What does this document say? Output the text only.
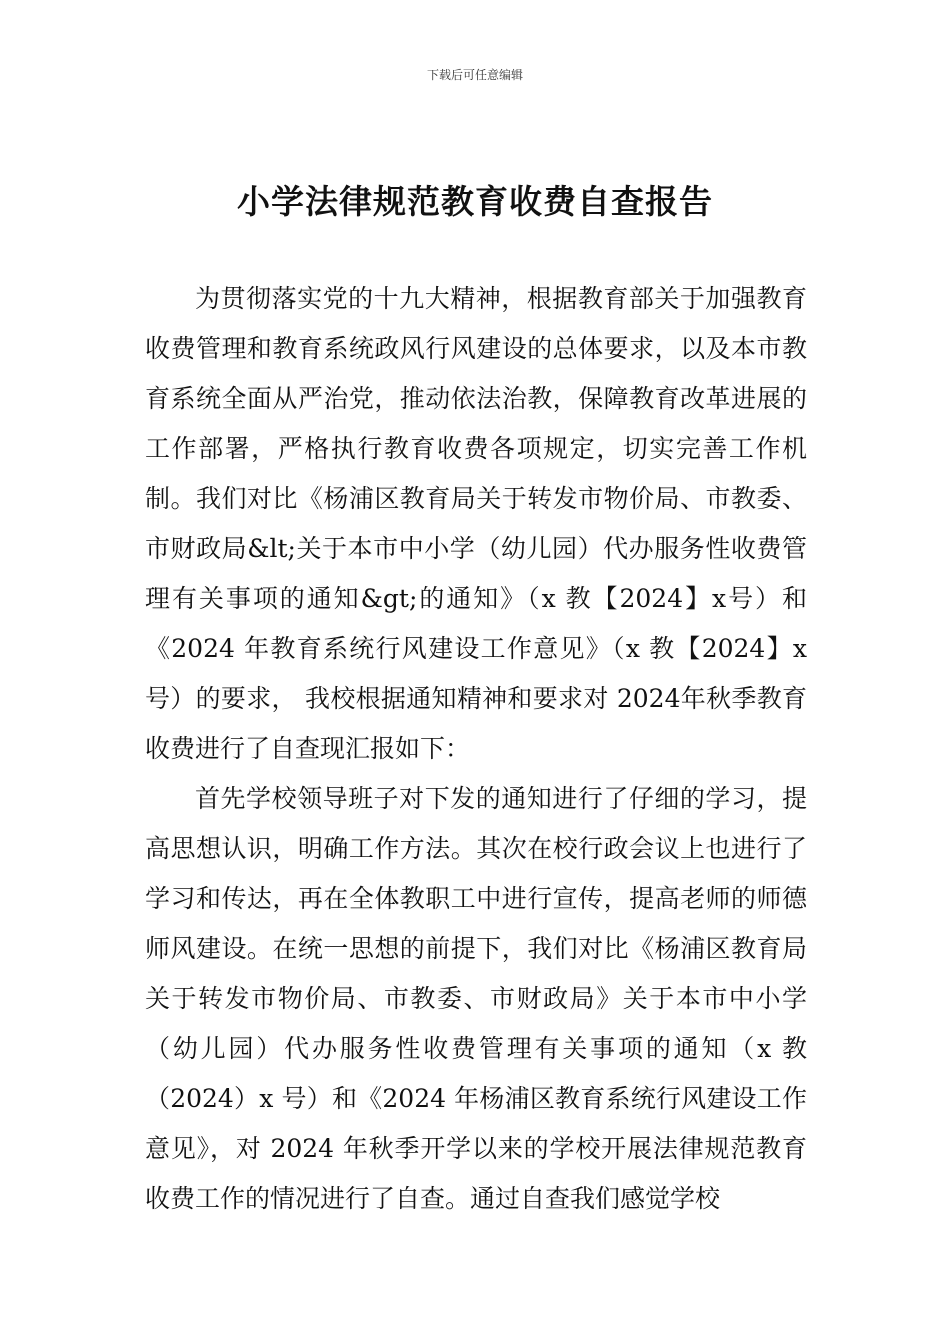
下载后可任意编辑
小学法律规范教育收费自查报告

为贯彻落实党的十九大精神，根据教育部关于加强教育收费管理和教育系统政风行风建设的总体要求，以及本市教育系统全面从严治党，推动依法治教，保障教育改革进展的工作部署，严格执行教育收费各项规定，切实完善工作机制。我们对比《杨浦区教育局关于转发市物价局、市教委、市财政局&lt;关于本市中小学（幼儿园）代办服务性收费管理有关事项的通知&gt;的通知》（x 教【2024】x号）和《2024 年教育系统行风建设工作意见》（x 教【2024】x 号）的要求， 我校根据通知精神和要求对 2024年秋季教育收费进行了自查现汇报如下：

首先学校领导班子对下发的通知进行了仔细的学习，提高思想认识，明确工作方法。其次在校行政会议上也进行了学习和传达，再在全体教职工中进行宣传，提高老师的师德师风建设。在统一思想的前提下，我们对比《杨浦区教育局关于转发市物价局、市教委、市财政局》关于本市中小学（幼儿园）代办服务性收费管理有关事项的通知（x 教（2024）x 号）和《2024 年杨浦区教育系统行风建设工作意见》，对 2024 年秋季开学以来的学校开展法律规范教育收费工作的情况进行了自查。通过自查我们感觉学校
